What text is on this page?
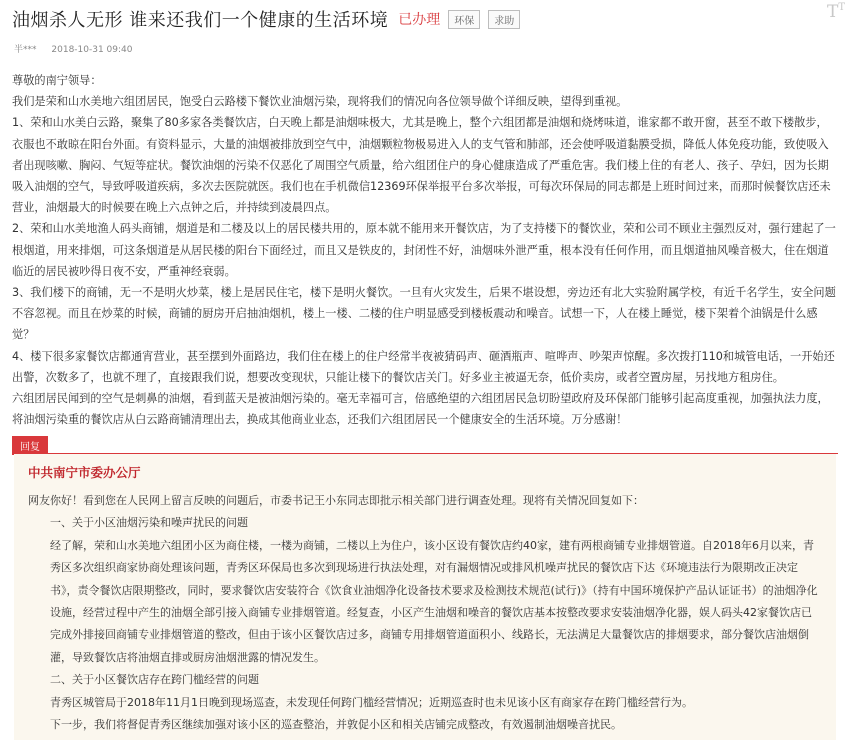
油烟杀人无形 谁来还我们一个健康的生活环境 已办理	环保	求助	$T^T$
半*** 2018-10-31 09:40

尊敬的南宁领导：

我们是荣和山水美地六组团居民，饱受白云路楼下餐饮业油烟污染，现将我们的情况向各位领导做个详细反映，望得到重视。

1、荣和山水美白云路，聚集了80多家各类餐饮店，白天晚上都是油烟味极大，尤其是晚上，整个六组团都是油烟和烧烤味道，谁家都不敢开窗，甚至不敢下楼散步，衣服也不敢晾在阳台外面。有资料显示，大量的油烟被排放到空气中，油烟颗粒物极易进入人的支气管和肺部，还会使呼吸道黏膜受损，降低人体免疫功能，致使吸入者出现咳嗽、胸闷、气短等症状。餐饮油烟的污染不仅恶化了周围空气质量，给六组团住户的身心健康造成了严重危害。我们楼上住的有老人、孩子、孕妇，因为长期吸入油烟的空气，导致呼吸道疾病，多次去医院就医。我们也在手机微信12369环保举报平台多次举报，可每次环保局的同志都是上班时间过来，而那时候餐饮店还未营业，油烟最大的时候要在晚上六点钟之后，并持续到凌晨四点。

2、荣和山水美地渔人码头商铺，烟道是和二楼及以上的居民楼共用的，原本就不能用来开餐饮店，为了支持楼下的餐饮业，荣和公司不顾业主强烈反对，强行建起了一根烟道，用来排烟，可这条烟道是从居民楼的阳台下面经过，而且又是铁皮的，封闭性不好，油烟味外泄严重，根本没有任何作用，而且烟道抽风噪音极大，住在烟道临近的居民被吵得日夜不安，严重神经衰弱。

3、我们楼下的商铺，无一不是明火炒菜，楼上是居民住宅，楼下是明火餐饮。一旦有火灾发生，后果不堪设想，旁边还有北大实验附属学校，有近千名学生，安全问题不容忽视。而且在炒菜的时候，商铺的厨房开启抽油烟机，楼上一楼、二楼的住户明显感受到楼板震动和噪音。试想一下，人在楼上睡觉，楼下架着个油锅是什么感觉？

4、楼下很多家餐饮店都通宵营业，甚至摆到外面路边，我们住在楼上的住户经常半夜被猜码声、砸酒瓶声、喧哗声、吵架声惊醒。多次拨打110和城管电话，一开始还出警，次数多了，也就不理了，直接跟我们说，想要改变现状，只能让楼下的餐饮店关门。好多业主被逼无奈，低价卖房，或者空置房屋，另找地方租房住。

六组团居民闻到的空气是刺鼻的油烟，看到蓝天是被油烟污染的。毫无幸福可言，倍感绝望的六组团居民急切盼望政府及环保部门能够引起高度重视，加强执法力度，将油烟污染重的餐饮店从白云路商铺清理出去，换成其他商业业态，还我们六组团居民一个健康安全的生活环境。万分感谢！

回复
中共南宁市委办公厅

网友你好！看到您在人民网上留言反映的问题后，市委书记王小东同志即批示相关部门进行调查处理。现将有关情况回复如下：

一、关于小区油烟污染和噪声扰民的问题

经了解，荣和山水美地六组团小区为商住楼，一楼为商铺，二楼以上为住户，该小区设有餐饮店约40家，建有两根商铺专业排烟管道。自2018年6月以来，青秀区多次组织商家协商处理该问题，青秀区环保局也多次到现场进行执法处理，对有漏烟情况或排风机噪声扰民的餐饮店下达《环境违法行为限期改正决定书》，责令餐饮店限期整改，同时，要求餐饮店安装符合《饮食业油烟净化设备技术要求及检测技术规范(试行)》（持有中国环境保护产品认证证书）的油烟净化设施，经营过程中产生的油烟全部引接入商铺专业排烟管道。经复查，小区产生油烟和噪音的餐饮店基本按整改要求安装油烟净化器，娱人码头42家餐饮店已完成外排接回商铺专业排烟管道的整改，但由于该小区餐饮店过多，商铺专用排烟管道面积小、线路长，无法满足大量餐饮店的排烟要求，部分餐饮店油烟倒灌，导致餐饮店将油烟直排或厨房油烟泄露的情况发生。

二、关于小区餐饮店存在跨门槛经营的问题

青秀区城管局于2018年11月1日晚到现场巡查，未发现任何跨门槛经营情况；近期巡查时也未见该小区有商家存在跨门槛经营行为。

下一步，我们将督促青秀区继续加强对该小区的巡查整治，并敦促小区和相关店铺完成整改，有效遏制油烟噪音扰民。
